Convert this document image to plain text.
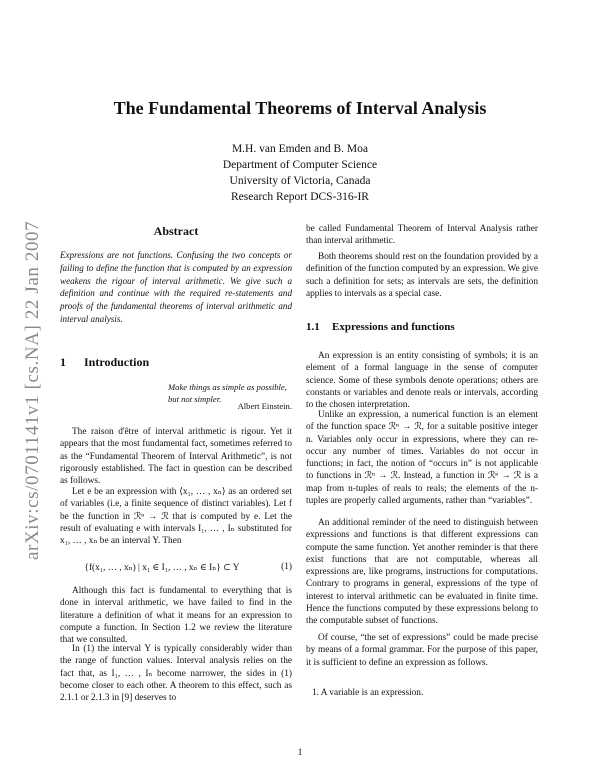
arXiv:cs/0701141v1 [cs.NA] 22 Jan 2007
The Fundamental Theorems of Interval Analysis
M.H. van Emden and B. Moa
Department of Computer Science
University of Victoria, Canada
Research Report DCS-316-IR
Abstract
Expressions are not functions. Confusing the two concepts or failing to define the function that is computed by an expression weakens the rigour of interval arithmetic. We give such a definition and continue with the required re-statements and proofs of the fundamental theorems of interval arithmetic and interval analysis.
1 Introduction
Make things as simple as possible, but not simpler.
Albert Einstein.
The raison d'être of interval arithmetic is rigour. Yet it appears that the most fundamental fact, sometimes referred to as the “Fundamental Theorem of Interval Arithmetic”, is not rigorously established. The fact in question can be described as follows.
Let e be an expression with ⟨x₁, … , xₙ⟩ as an ordered set of variables (i.e, a finite sequence of distinct variables). Let f be the function in ℛⁿ → ℛ that is computed by e. Let the result of evaluating e with intervals I₁, … , Iₙ substituted for x₁, … , xₙ be an interval Y. Then
{f(x₁, … , xₙ) | x₁ ∈ I₁, … , xₙ ∈ Iₙ} ⊂ Y	(1)
Although this fact is fundamental to everything that is done in interval arithmetic, we have failed to find in the literature a definition of what it means for an expression to compute a function. In Section 1.2 we review the literature that we consulted.
In (1) the interval Y is typically considerably wider than the range of function values. Interval analysis relies on the fact that, as I₁, … , Iₙ become narrower, the sides in (1) become closer to each other. A theorem to this effect, such as 2.1.1 or 2.1.3 in [9] deserves to
be called Fundamental Theorem of Interval Analysis rather than interval arithmetic.
Both theorems should rest on the foundation provided by a definition of the function computed by an expression. We give such a definition for sets; as intervals are sets, the definition applies to intervals as a special case.
1.1 Expressions and functions
An expression is an entity consisting of symbols; it is an element of a formal language in the sense of computer science. Some of these symbols denote operations; others are constants or variables and denote reals or intervals, according to the chosen interpretation.
Unlike an expression, a numerical function is an element of the function space ℛⁿ → ℛ, for a suitable positive integer n. Variables only occur in expressions, where they can re-occur any number of times. Variables do not occur in functions; in fact, the notion of “occurs in” is not applicable to functions in ℛⁿ → ℛ. Instead, a function in ℛⁿ → ℛ is a map from n-tuples of reals to reals; the elements of the n-tuples are properly called arguments, rather than “variables”.
An additional reminder of the need to distinguish between expressions and functions is that different expressions can compute the same function. Yet another reminder is that there exist functions that are not computable, whereas all expressions are, like programs, instructions for computations. Contrary to programs in general, expressions of the type of interest to interval arithmetic can be evaluated in finite time. Hence the functions computed by these expressions belong to the computable subset of functions.
Of course, “the set of expressions” could be made precise by means of a formal grammar. For the purpose of this paper, it is sufficient to define an expression as follows.
1. A variable is an expression.
1
